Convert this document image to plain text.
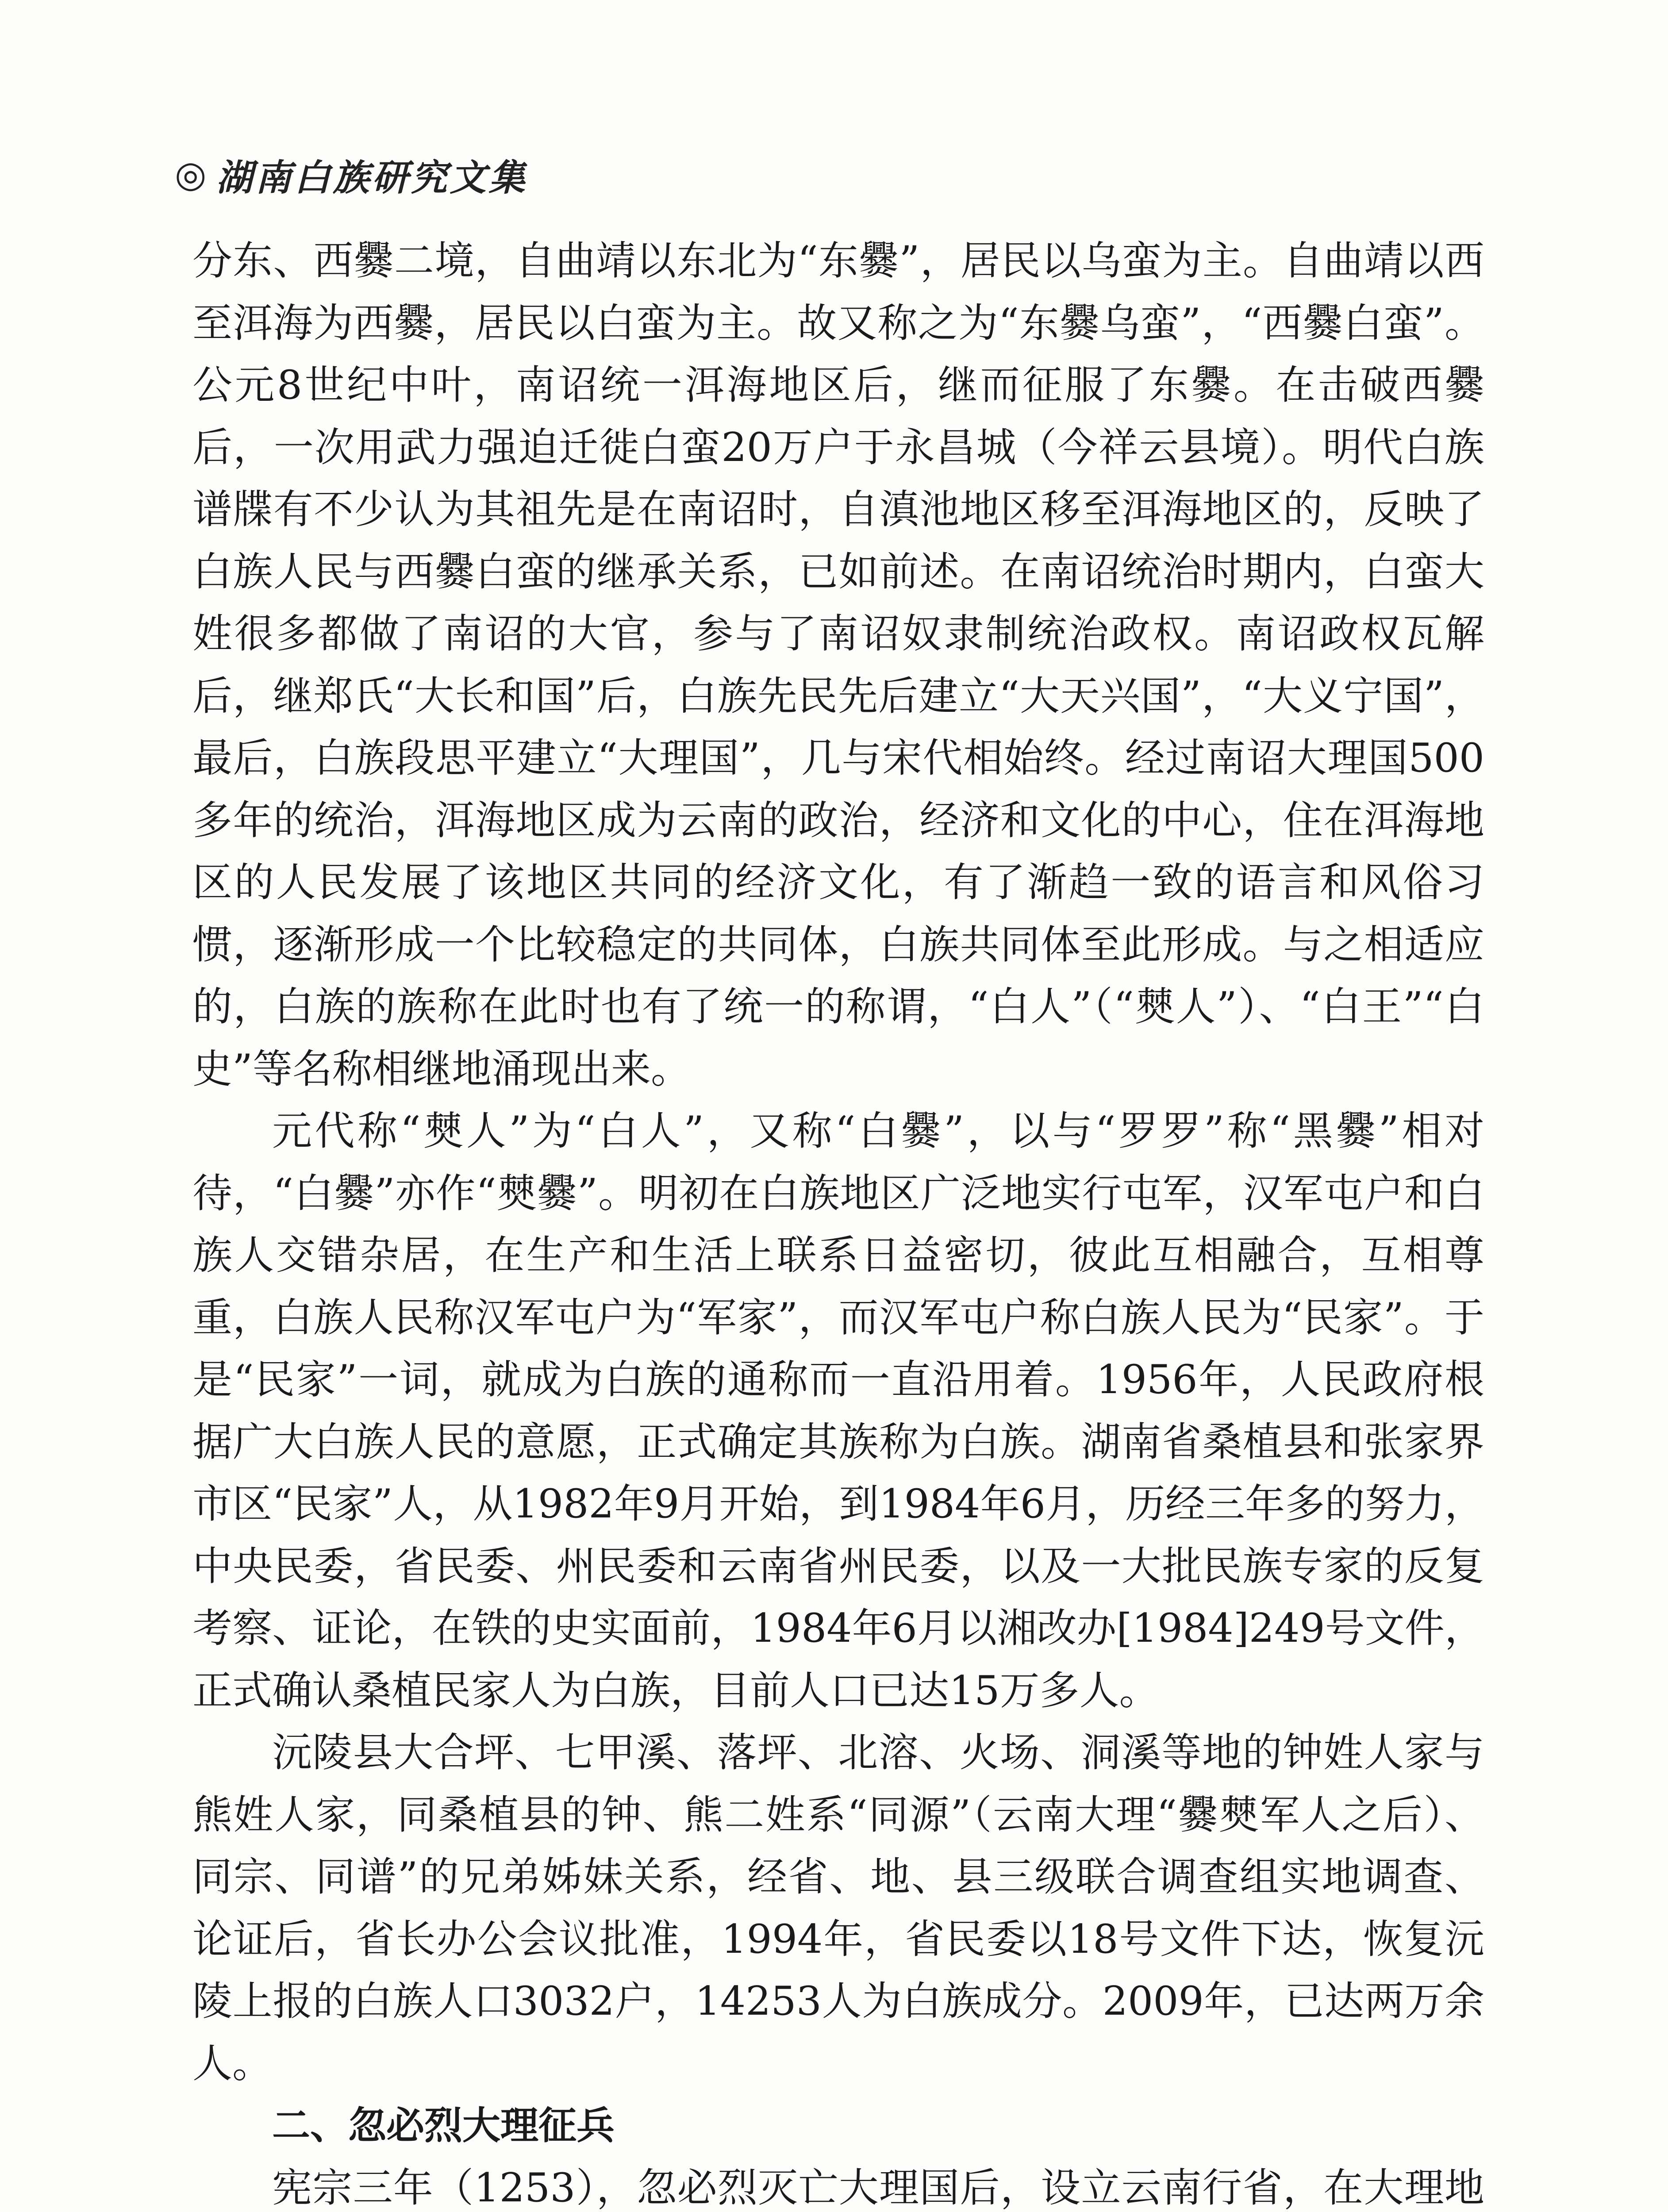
◎ 湖南白族研究文集

分东、西爨二境，自曲靖以东北为“东爨”，居民以乌蛮为主。自曲靖以西至洱海为西爨，居民以白蛮为主。故又称之为“东爨乌蛮”，“西爨白蛮”。公元8世纪中叶，南诏统一洱海地区后，继而征服了东爨。在击破西爨后，一次用武力强迫迁徙白蛮20万户于永昌城（今祥云县境）。明代白族谱牒有不少认为其祖先是在南诏时，自滇池地区移至洱海地区的，反映了白族人民与西爨白蛮的继承关系，已如前述。在南诏统治时期内，白蛮大姓很多都做了南诏的大官，参与了南诏奴隶制统治政权。南诏政权瓦解后，继郑氏“大长和国”后，白族先民先后建立“大天兴国”，“大义宁国”，最后，白族段思平建立“大理国”，几与宋代相始终。经过南诏大理国500多年的统治，洱海地区成为云南的政治，经济和文化的中心，住在洱海地区的人民发展了该地区共同的经济文化，有了渐趋一致的语言和风俗习惯，逐渐形成一个比较稳定的共同体，白族共同体至此形成。与之相适应的，白族的族称在此时也有了统一的称谓，“白人”（“僰人”）、“白王”“白史”等名称相继地涌现出来。

元代称“僰人”为“白人”，又称“白爨”，以与“罗罗”称“黑爨”相对待，“白爨”亦作“僰爨”。明初在白族地区广泛地实行屯军，汉军屯户和白族人交错杂居，在生产和生活上联系日益密切，彼此互相融合，互相尊重，白族人民称汉军屯户为“军家”，而汉军屯户称白族人民为“民家”。于是“民家”一词，就成为白族的通称而一直沿用着。1956年，人民政府根据广大白族人民的意愿，正式确定其族称为白族。湖南省桑植县和张家界市区“民家”人，从1982年9月开始，到1984年6月，历经三年多的努力，中央民委，省民委、州民委和云南省州民委，以及一大批民族专家的反复考察、证论，在铁的史实面前，1984年6月以湘改办[1984]249号文件，正式确认桑植民家人为白族，目前人口已达15万多人。

沅陵县大合坪、七甲溪、落坪、北溶、火场、洞溪等地的钟姓人家与熊姓人家，同桑植县的钟、熊二姓系“同源”（云南大理“爨僰军人之后）、同宗、同谱”的兄弟姊妹关系，经省、地、县三级联合调查组实地调查、论证后，省长办公会议批准，1994年，省民委以18号文件下达，恢复沅陵上报的白族人口3032户，14253人为白族成分。2009年，已达两万余人。

二、忽必烈大理征兵

宪宗三年（1253），忽必烈灭亡大理国后，设立云南行省，在大理地
